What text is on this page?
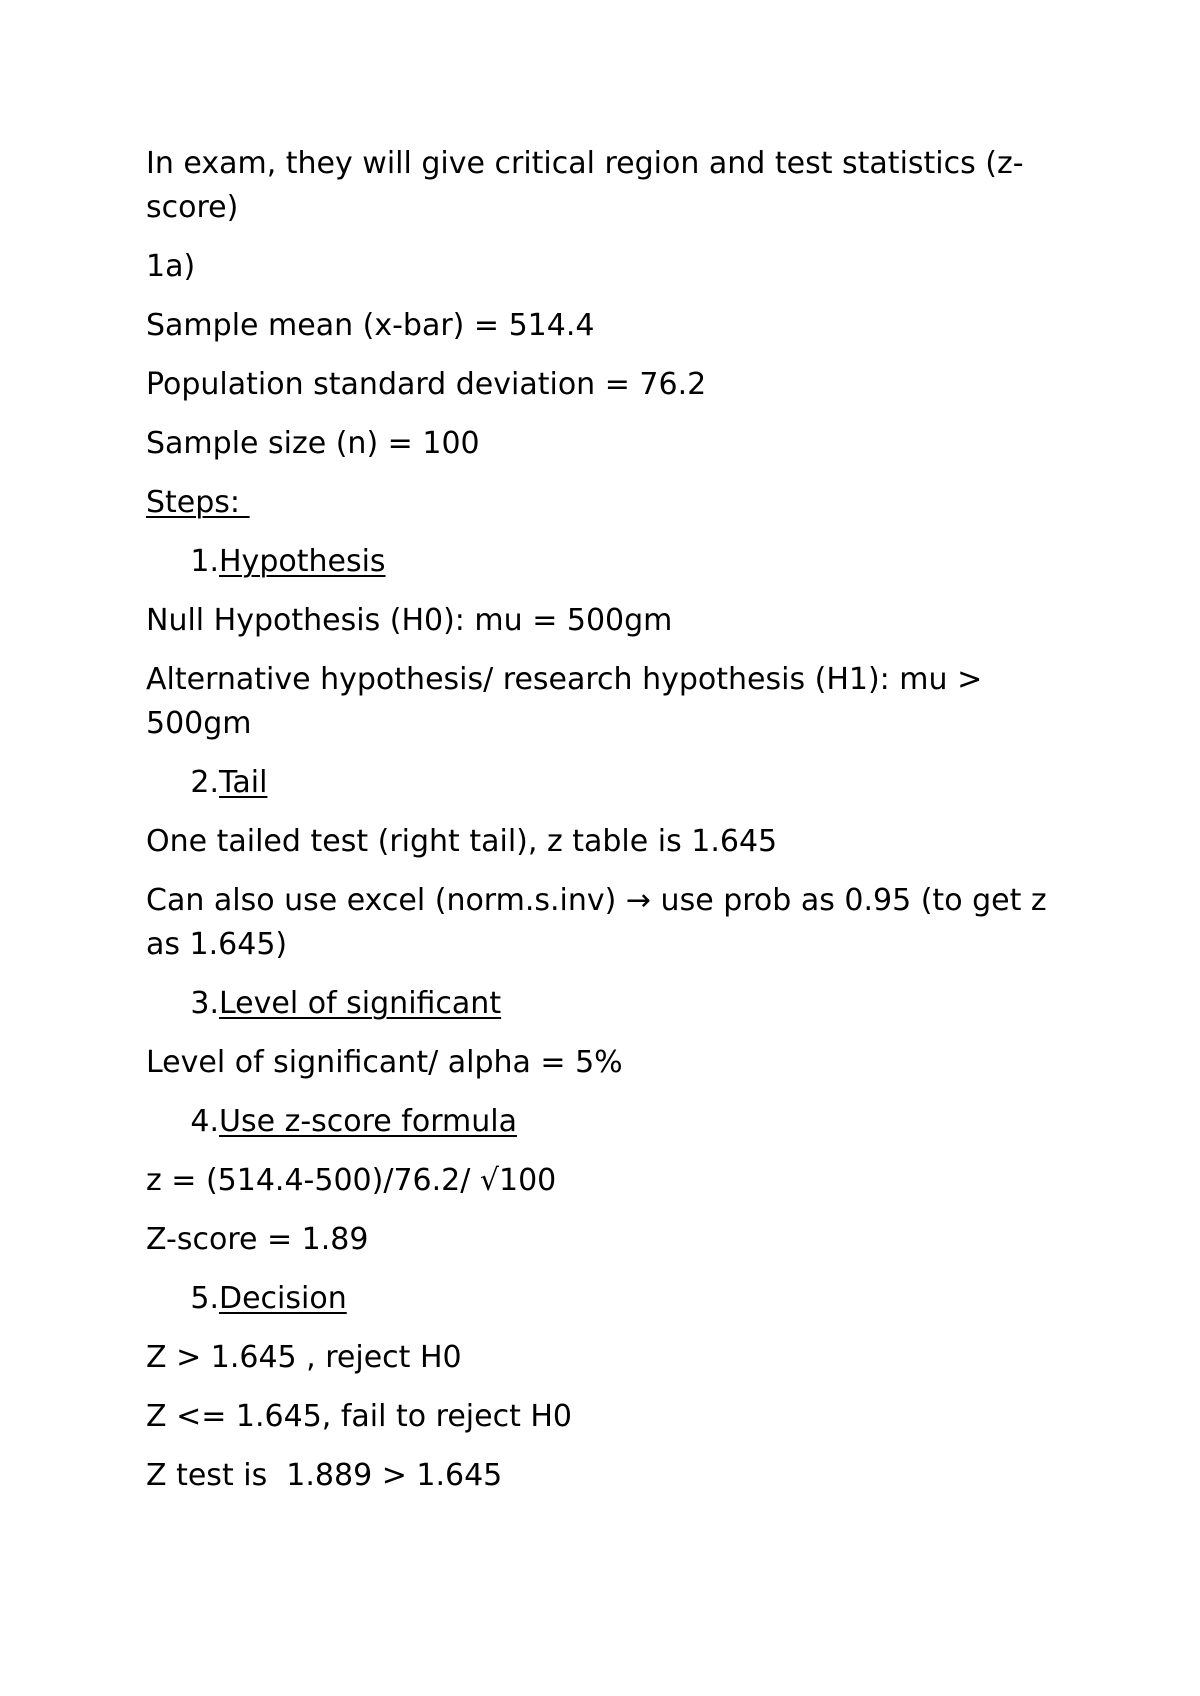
In exam, they will give critical region and test statistics (z-score)

1a)

Sample mean (x-bar) = 514.4

Population standard deviation = 76.2

Sample size (n) = 100

Steps:

1. Hypothesis

Null Hypothesis (H0): mu = 500gm

Alternative hypothesis/ research hypothesis (H1): mu > 500gm

2. Tail

One tailed test (right tail), z table is 1.645

Can also use excel (norm.s.inv) → use prob as 0.95 (to get z as 1.645)

3. Level of significant

Level of significant/ alpha = 5%

4. Use z-score formula

z = (514.4-500)/76.2/ √100

Z-score = 1.89

5. Decision

Z > 1.645 , reject H0

Z <= 1.645, fail to reject H0

Z test is  1.889 > 1.645
